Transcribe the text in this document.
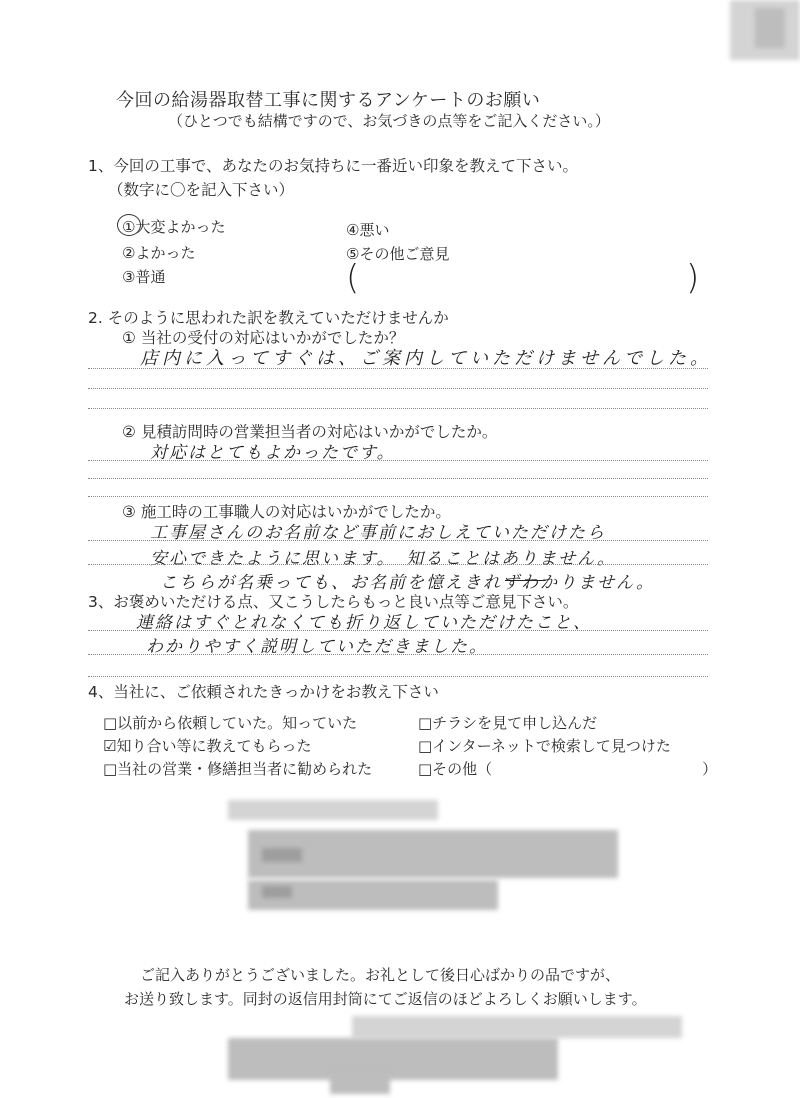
今回の給湯器取替工事に関するアンケートのお願い
（ひとつでも結構ですので、お気づきの点等をご記入ください。）
1、今回の工事で、あなたのお気持ちに一番近い印象を教えて下さい。
（数字に〇を記入下さい）
①大変よかった
②よかった
③普通
④悪い
⑤その他ご意見
(	)
2. そのように思われた訳を教えていただけませんか
① 当社の受付の対応はいかがでしたか？
店内に入ってすぐは、ご案内していただけませんでした。
② 見積訪問時の営業担当者の対応はいかがでしたか。
対応はとてもよかったです。
③ 施工時の工事職人の対応はいかがでしたか。
工事屋さんのお名前など事前におしえていただけたら
安心できたように思います。　知ることはありません。
こちらが名乗っても、お名前を憶えきれずわかりません。
3、お褒めいただける点、又こうしたらもっと良い点等ご意見下さい。
連絡はすぐとれなくても折り返していただけたこと、
わかりやすく説明していただきました。
4、当社に、ご依頼されたきっかけをお教え下さい
□以前から依頼していた。知っていた
☑知り合い等に教えてもらった
□当社の営業・修繕担当者に勧められた
□チラシを見て申し込んだ
□インターネットで検索して見つけた
□その他（　　　　　　　　　　　　　　）
ご記入ありがとうございました。お礼として後日心ばかりの品ですが、
お送り致します。同封の返信用封筒にてご返信のほどよろしくお願いします。
